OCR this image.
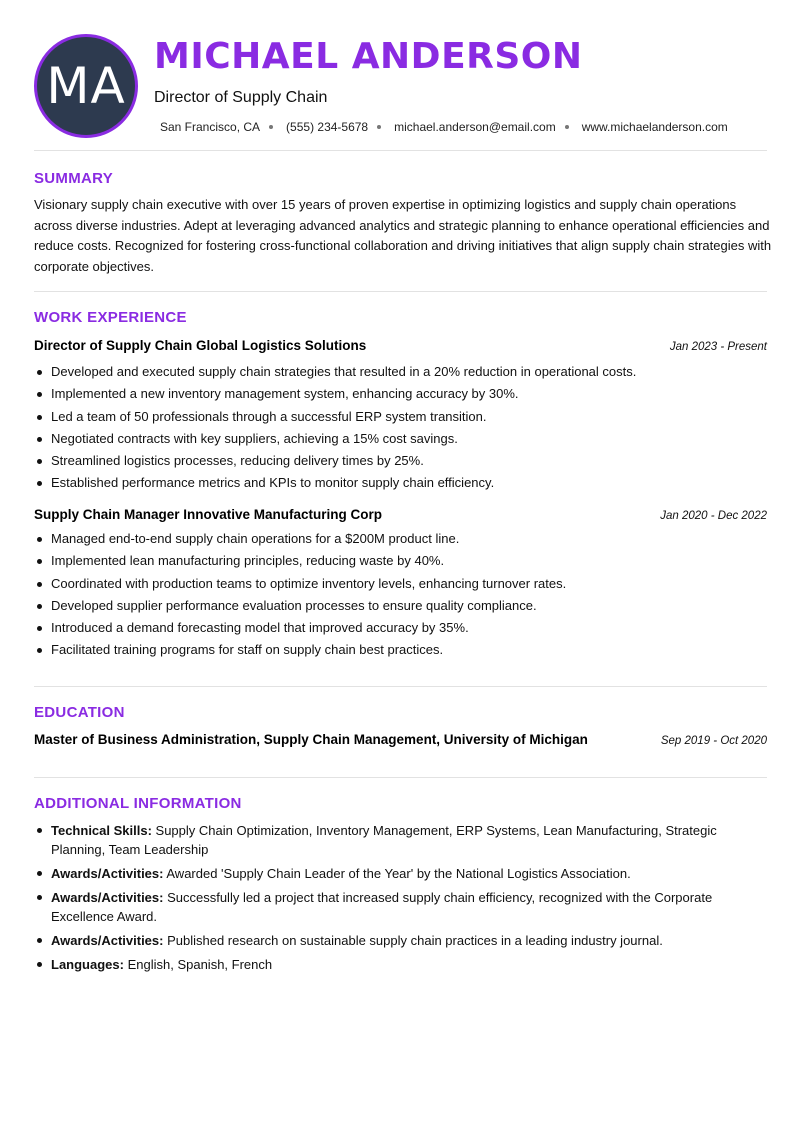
MA
MICHAEL ANDERSON
Director of Supply Chain
San Francisco, CA (555) 234-5678 michael.anderson@email.com www.michaelanderson.com
SUMMARY
Visionary supply chain executive with over 15 years of proven expertise in optimizing logistics and supply chain operations across diverse industries. Adept at leveraging advanced analytics and strategic planning to enhance operational efficiencies and reduce costs. Recognized for fostering cross-functional collaboration and driving initiatives that align supply chain strategies with corporate objectives.
WORK EXPERIENCE
Director of Supply Chain Global Logistics Solutions	Jan 2023 - Present
Developed and executed supply chain strategies that resulted in a 20% reduction in operational costs.
Implemented a new inventory management system, enhancing accuracy by 30%.
Led a team of 50 professionals through a successful ERP system transition.
Negotiated contracts with key suppliers, achieving a 15% cost savings.
Streamlined logistics processes, reducing delivery times by 25%.
Established performance metrics and KPIs to monitor supply chain efficiency.
Supply Chain Manager Innovative Manufacturing Corp	Jan 2020 - Dec 2022
Managed end-to-end supply chain operations for a $200M product line.
Implemented lean manufacturing principles, reducing waste by 40%.
Coordinated with production teams to optimize inventory levels, enhancing turnover rates.
Developed supplier performance evaluation processes to ensure quality compliance.
Introduced a demand forecasting model that improved accuracy by 35%.
Facilitated training programs for staff on supply chain best practices.
EDUCATION
Master of Business Administration, Supply Chain Management, University of Michigan	Sep 2019 - Oct 2020
ADDITIONAL INFORMATION
Technical Skills: Supply Chain Optimization, Inventory Management, ERP Systems, Lean Manufacturing, Strategic Planning, Team Leadership
Awards/Activities: Awarded 'Supply Chain Leader of the Year' by the National Logistics Association.
Awards/Activities: Successfully led a project that increased supply chain efficiency, recognized with the Corporate Excellence Award.
Awards/Activities: Published research on sustainable supply chain practices in a leading industry journal.
Languages: English, Spanish, French
